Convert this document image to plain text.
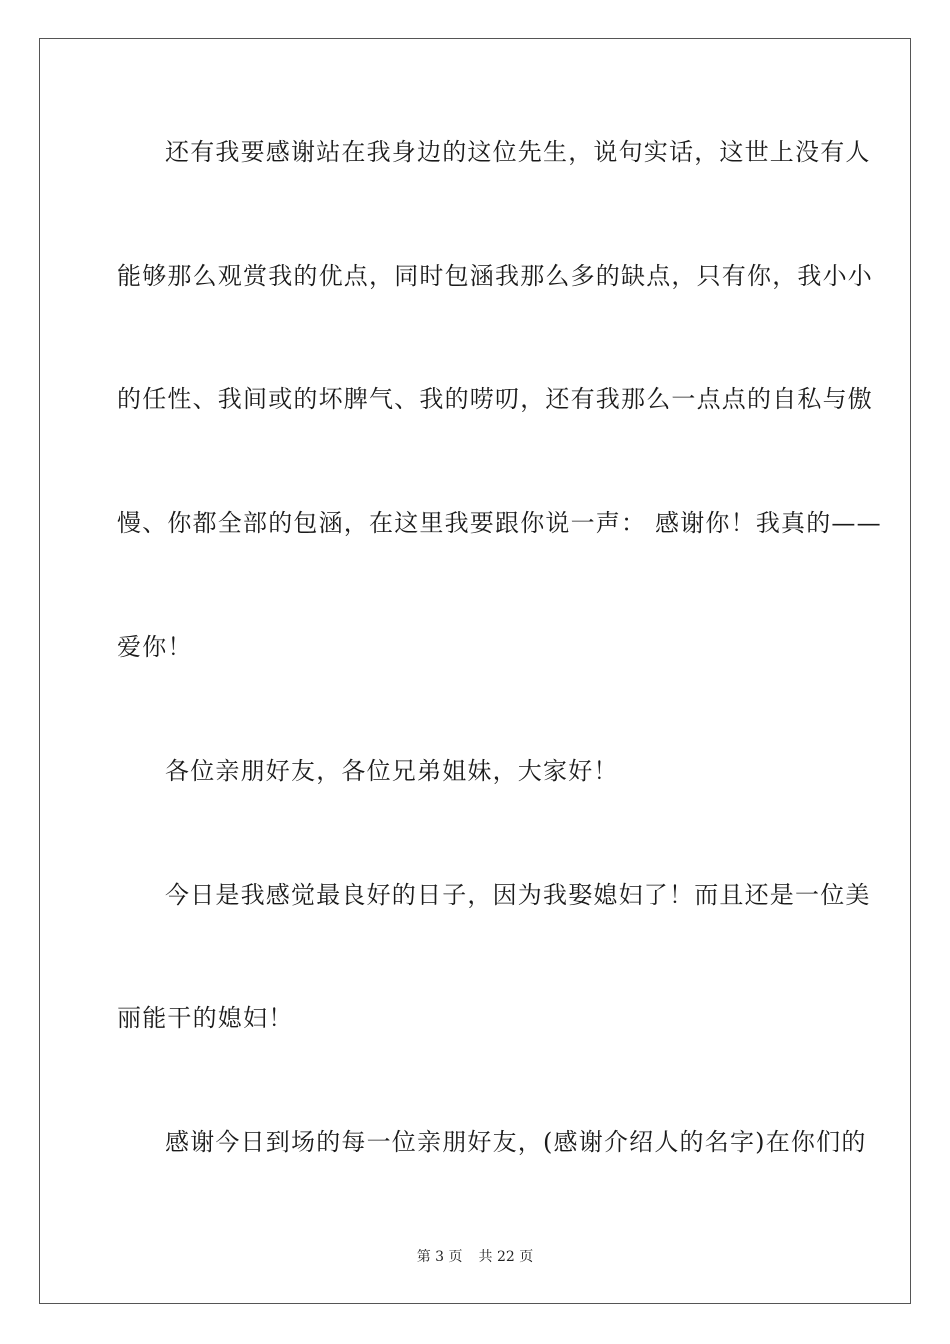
还有我要感谢站在我身边的这位先生，说句实话，这世上没有人
能够那么观赏我的优点，同时包涵我那么多的缺点，只有你，我小小
的任性、我间或的坏脾气、我的唠叨，还有我那么一点点的自私与傲
慢、你都全部的包涵，在这里我要跟你说一声： 感谢你！我真的——
爱你！
各位亲朋好友，各位兄弟姐妹，大家好！
今日是我感觉最良好的日子，因为我娶媳妇了！而且还是一位美
丽能干的媳妇！
感谢今日到场的每一位亲朋好友，(感谢介绍人的名字)在你们的
第 3 页 共 22 页
